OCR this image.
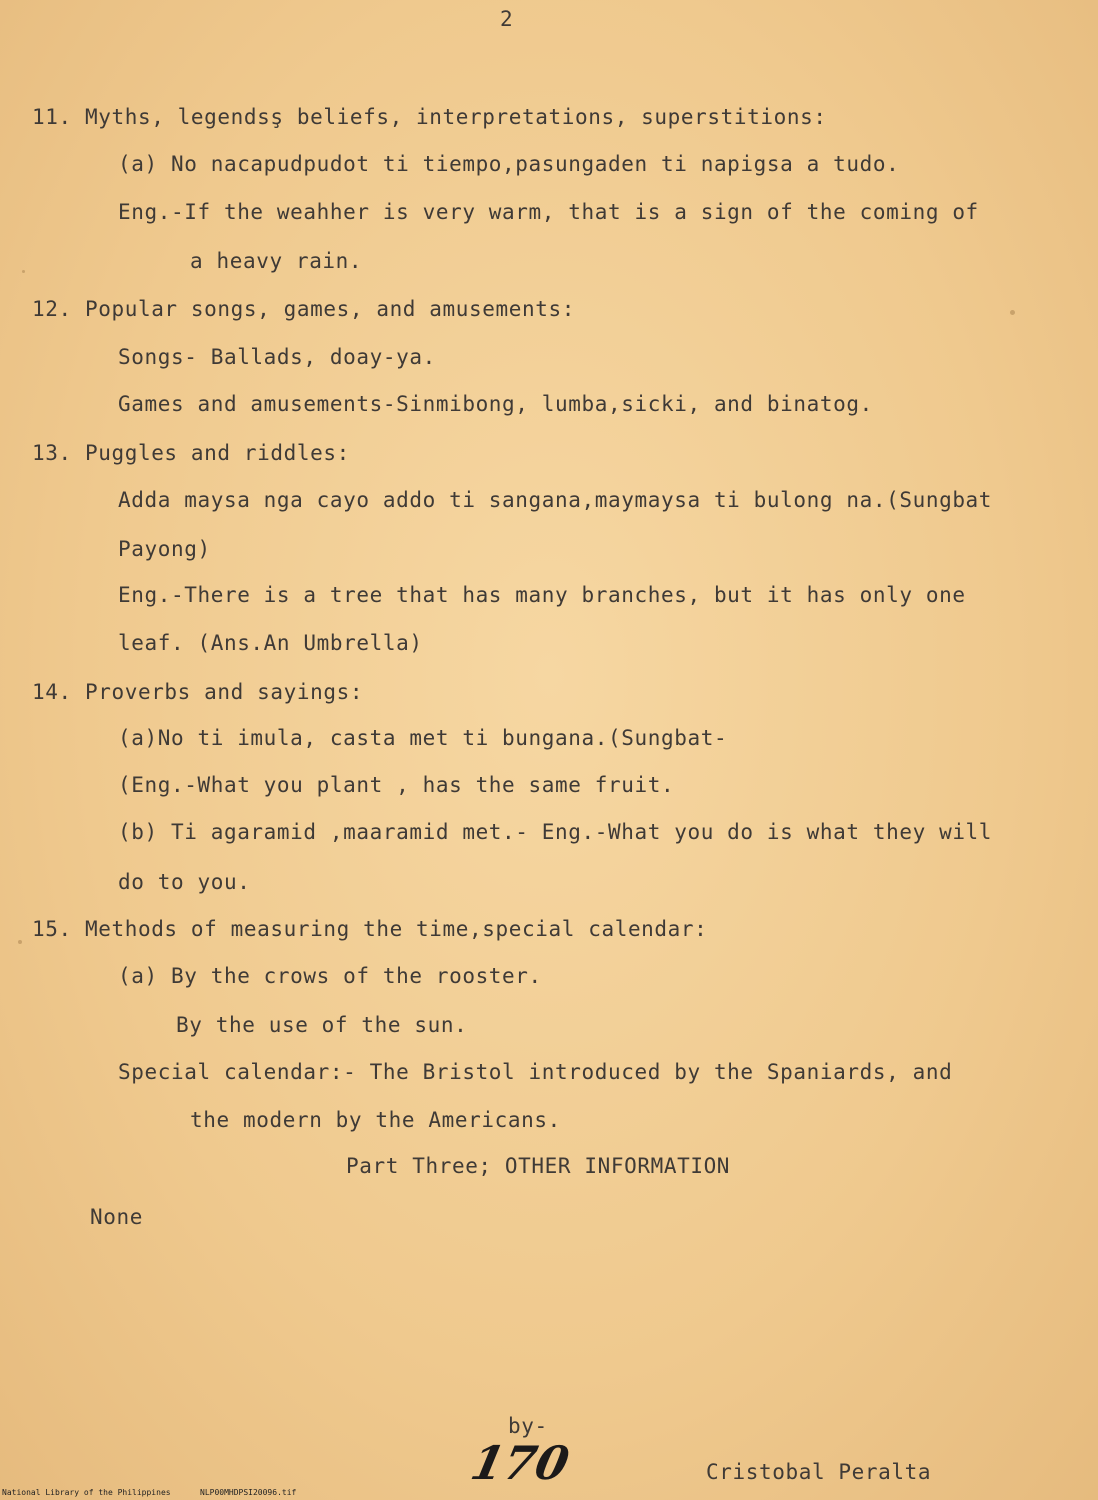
2
11. Myths, legendsş beliefs, interpretations, superstitions:
(a) No nacapudpudot ti tiempo,pasungaden ti napigsa a tudo.
Eng.-If the weahher is very warm, that is a sign of the coming of
a heavy rain.
12. Popular songs, games, and amusements:
Songs- Ballads, doay-ya.
Games and amusements-Sinmibong, lumba,sicki, and binatog.
13. Puggles and riddles:
Adda maysa nga cayo addo ti sangana,maymaysa ti bulong na.(Sungbat
Payong)
Eng.-There is a tree that has many branches, but it has only one
leaf. (Ans.An Umbrella)
14. Proverbs and sayings:
(a)No ti imula, casta met ti bungana.(Sungbat-
(Eng.-What you plant , has the same fruit.
(b) Ti agaramid ,maaramid met.- Eng.-What you do is what they will
do to you.
15. Methods of measuring the time,special calendar:
(a) By the crows of the rooster.
By the use of the sun.
Special calendar:- The Bristol introduced by the Spaniards, and
the modern by the Americans.
Part Three; OTHER INFORMATION
None
by-
170	Cristobal Peralta
National Library of the Philippines	NLP00MHDPSI20096.tif
